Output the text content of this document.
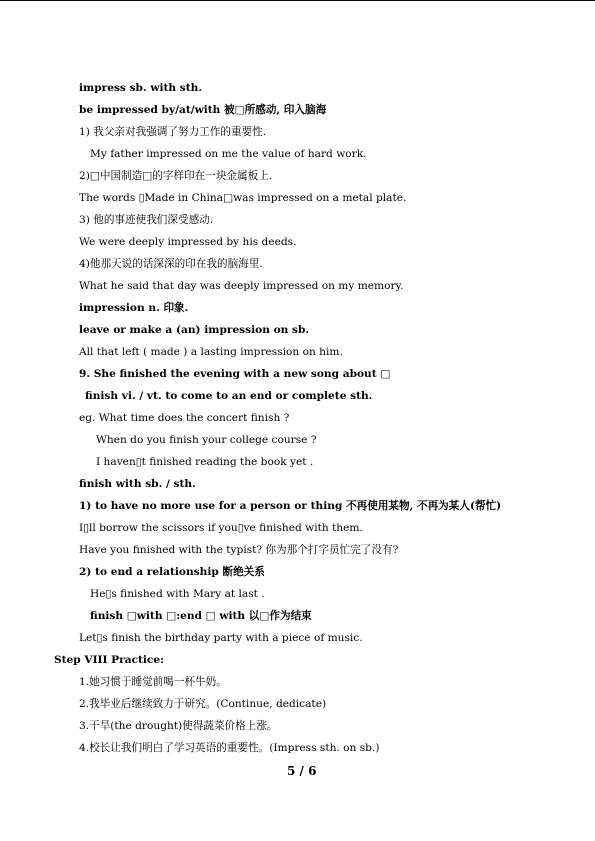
impress sb. with sth.

be impressed by/at/with 被□所感动, 印入脑海

1) 我父亲对我强调了努力工作的重要性.

My father impressed on me the value of hard work.

2)□中国制造□的字样印在一块金属板上.

The words ▯Made in China□was impressed on a metal plate.

3) 他的事迹使我们深受感动.

We were deeply impressed by his deeds.

4)他那天说的话深深的印在我的脑海里.

What he said that day was deeply impressed on my memory.

impression n. 印象.

leave or make a (an) impression on sb.

All that left ( made ) a lasting impression on him.

9. She finished the evening with a new song about □

finish vi. / vt. to come to an end or complete sth.

eg. What time does the concert finish ?

When do you finish your college course ?

I haven▯t finished reading the book yet .

finish with sb. / sth.

1) to have no more use for a person or thing 不再使用某物, 不再为某人(帮忙)

I▯ll borrow the scissors if you▯ve finished with them.

Have you finished with the typist? 你为那个打字员忙完了没有?

2) to end a relationship 断绝关系

He▯s finished with Mary at last .

finish □with □:end □ with 以□作为结束

Let▯s finish the birthday party with a piece of music.

Step VIII Practice:

1.她习惯于睡觉前喝一杯牛奶。

2.我毕业后继续致力于研究。(Continue, dedicate)

3.干旱(the drought)使得蔬菜价格上涨。

4.校长让我们明白了学习英语的重要性。(Impress sth. on sb.)

5 / 6
